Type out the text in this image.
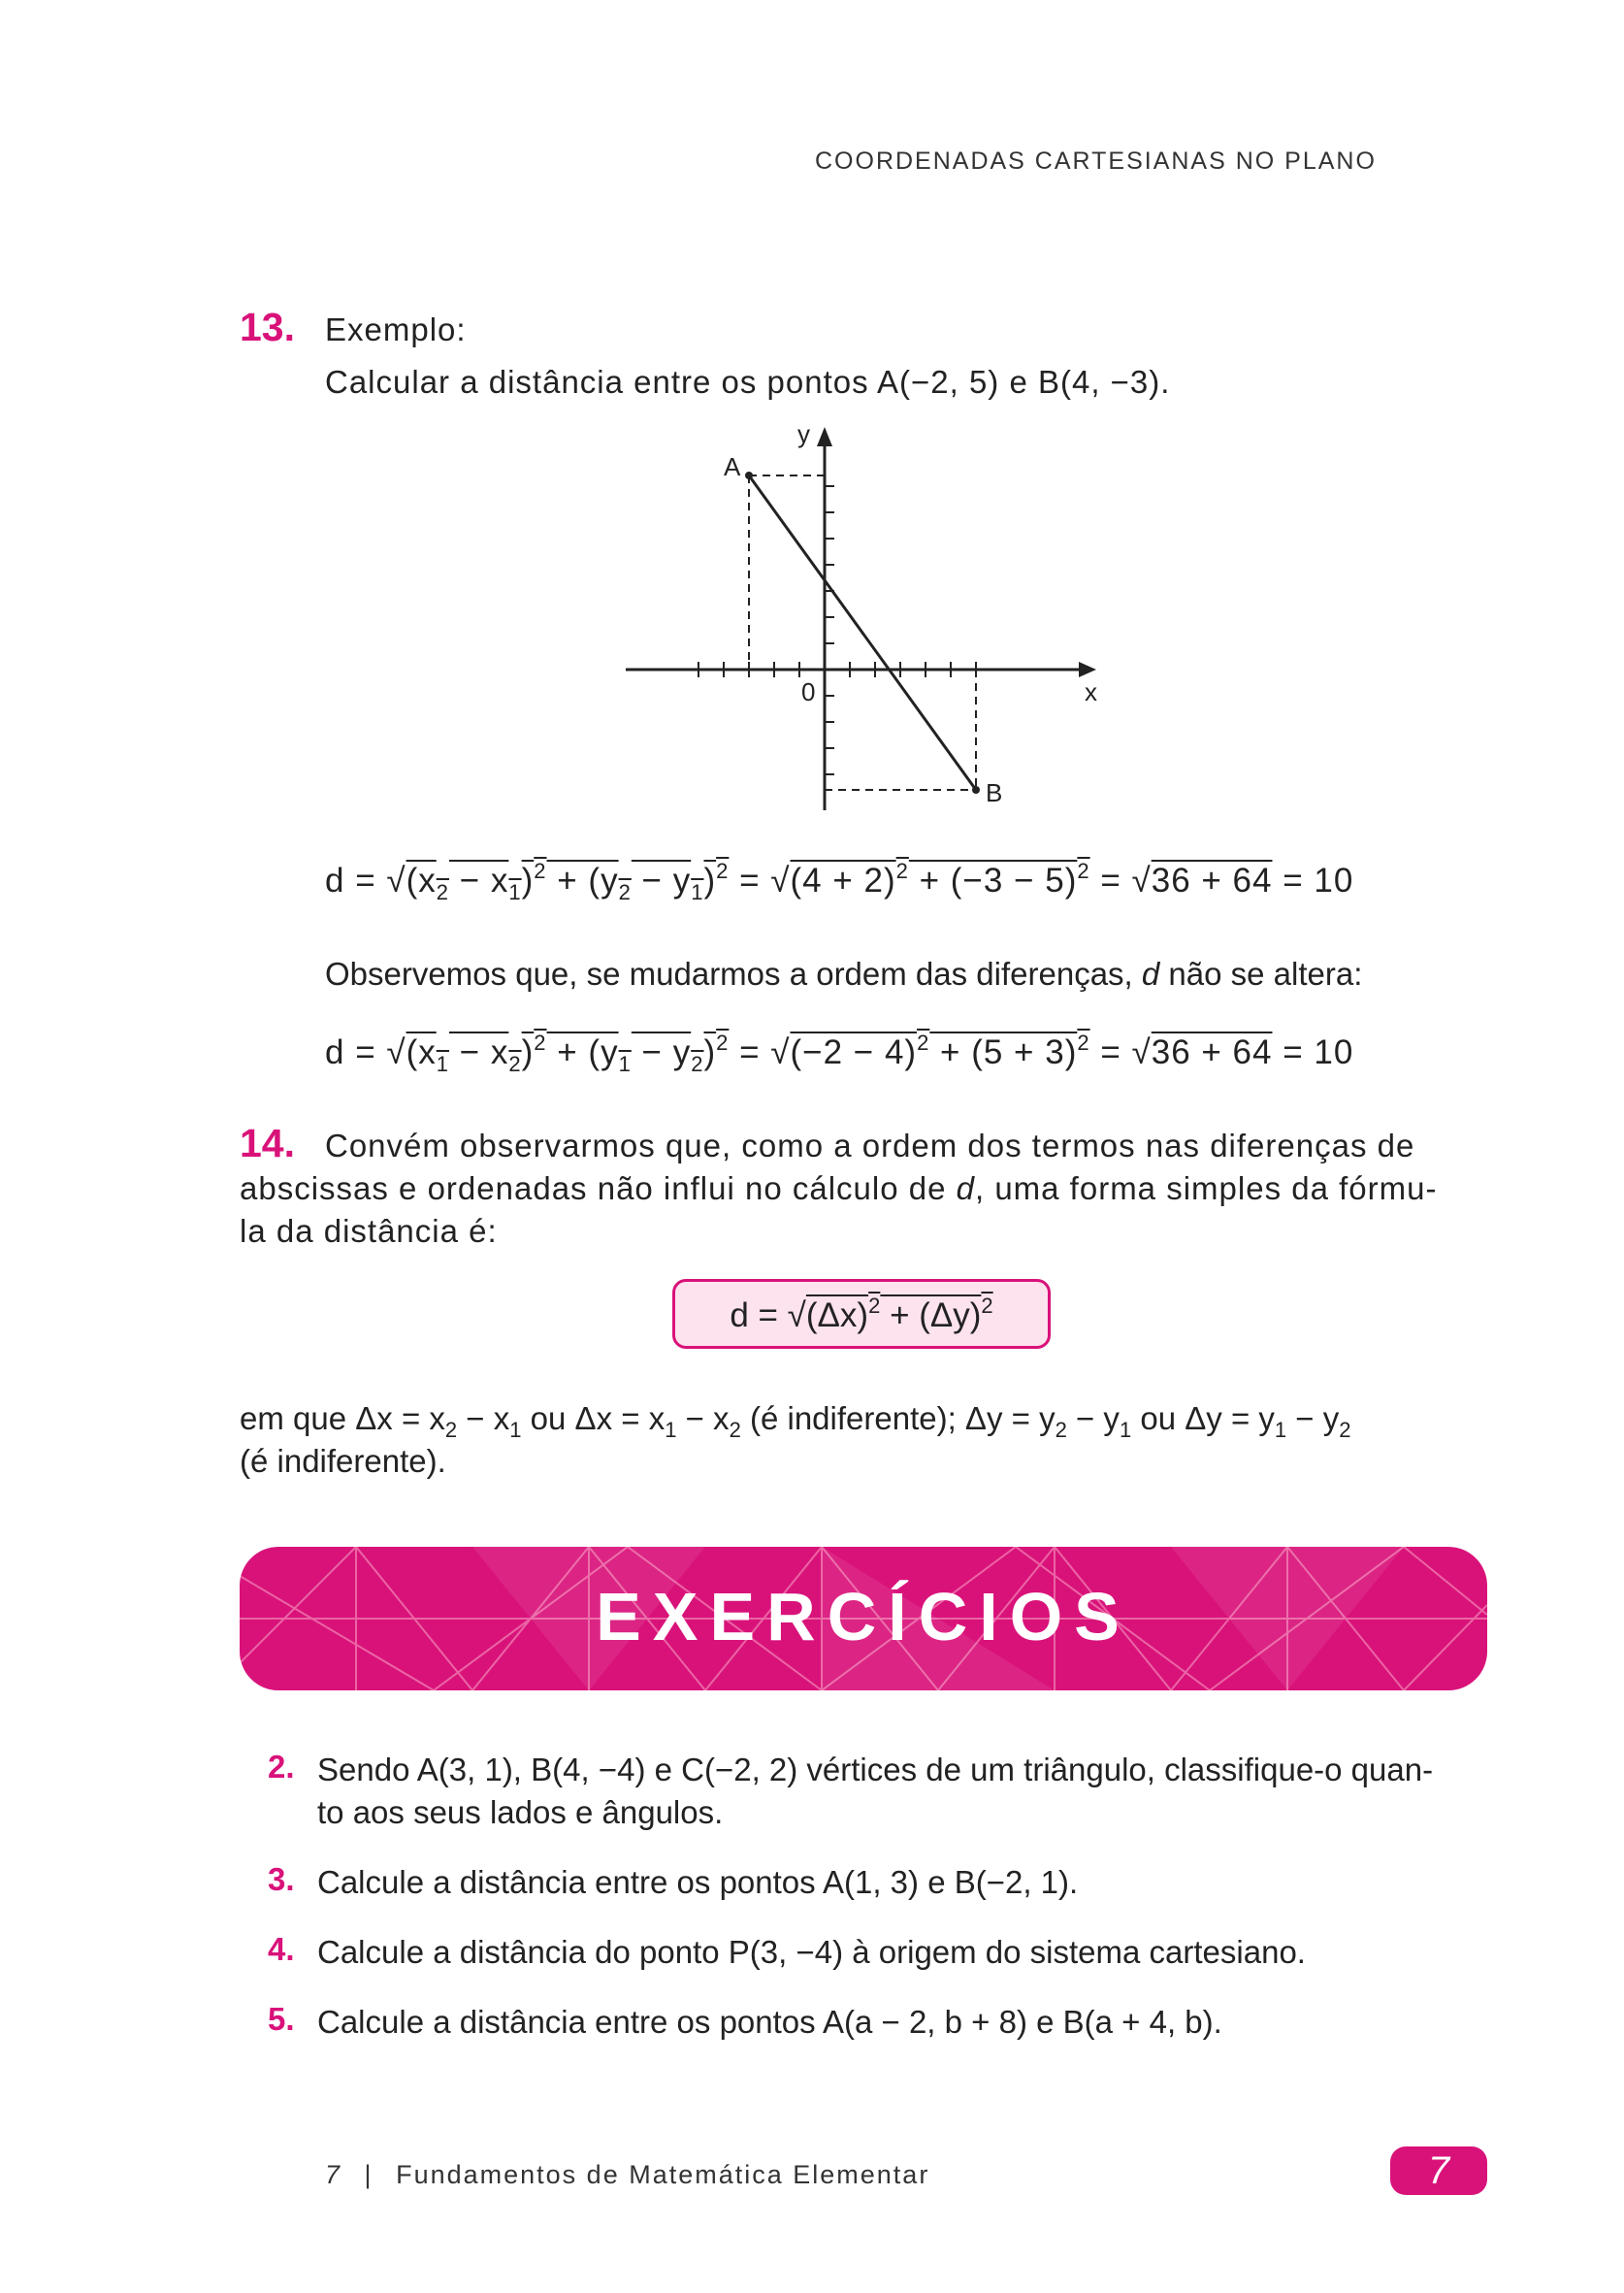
COORDENADAS CARTESIANAS NO PLANO
13. Exemplo:
Calcular a distância entre os pontos A(−2, 5) e B(4, −3).
y
x
0
A
B
$d = √(x_2 - x_1)^2 + (y_2 - y_1)^2 = √(4 + 2)^2 + (-3 - 5)^2 = √36 + 64 = 10$
Observemos que, se mudarmos a ordem das diferenças, d não se altera:
$d = √(x_1 - x_2)^2 + (y_1 - y_2)^2 = √(-2 - 4)^2 + (5 + 3)^2 = √36 + 64 = 10$
14. Convém observarmos que, como a ordem dos termos nas diferenças de
abscissas e ordenadas não influi no cálculo de d, uma forma simples da fórmu-
la da distância é:
$d = √(\Delta x)^2 + (\Delta y)^2$
em que $\Delta x = x_2 - x_1$ ou $\Delta x = x_1 - x_2$ (é indiferente); $\Delta y = y_2 - y_1$ ou $\Delta y = y_1 - y_2$
(é indiferente).
EXERCÍCIOS
2. Sendo A(3, 1), B(4, −4) e C(−2, 2) vértices de um triângulo, classifique-o quan-
to aos seus lados e ângulos.
3. Calcule a distância entre os pontos A(1, 3) e B(−2, 1).
4. Calcule a distância do ponto P(3, −4) à origem do sistema cartesiano.
5. Calcule a distância entre os pontos A(a − 2, b + 8) e B(a + 4, b).
7 | Fundamentos de Matemática Elementar	7
